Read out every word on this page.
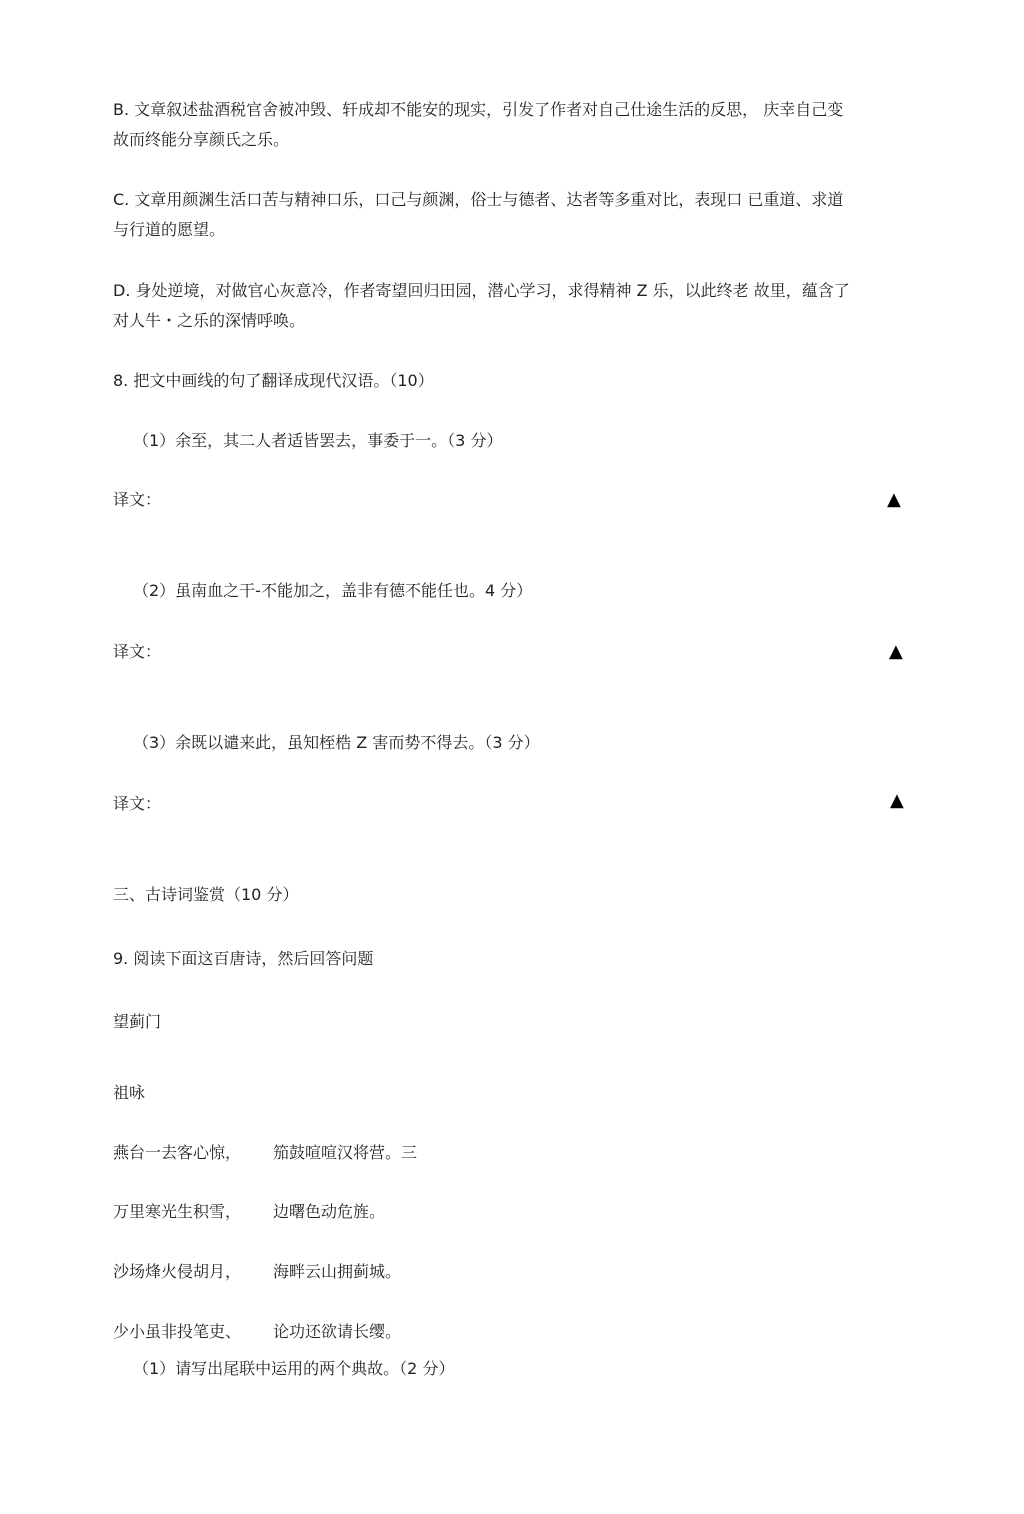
B. 文章叙述盐酒税官舍被冲毁、轩成却不能安的现实，引发了作者对自己仕途生活的反思， 庆幸自己变
故而终能分享颜氏之乐。
C. 文章用颜渊生活口苦与精神口乐，口己与颜渊，俗士与德者、达者等多重对比，表现口 已重道、求道
与行道的愿望。
D. 身处逆境，对做官心灰意冷，作者寄望回归田园，潜心学习，求得精神 Z 乐，以此终老 故里，蕴含了
对人牛・之乐的深情呼唤。
8. 把文中画线的句了翻译成现代汉语。（10）
（1）余至，其二人者适皆罢去，事委于一。（3 分）
译文：	▲
（2）虽南血之干-不能加之，盖非有德不能任也。4 分）
译文：	▲
（3）余既以谴来此，虽知桎梏 Z 害而势不得去。（3 分）
译文：	▲
三、古诗词鉴赏（10 分）
9. 阅读下面这百唐诗，然后回答问题
望蓟门
祖咏
燕台一去客心惊， 笳鼓喧喧汉将营。三
万里寒光生积雪， 边曙色动危旌。
沙场烽火侵胡月， 海畔云山拥蓟城。
少小虽非投笔吏、 论功还欲请长缨。
（1）请写出尾联中运用的两个典故。（2 分）
